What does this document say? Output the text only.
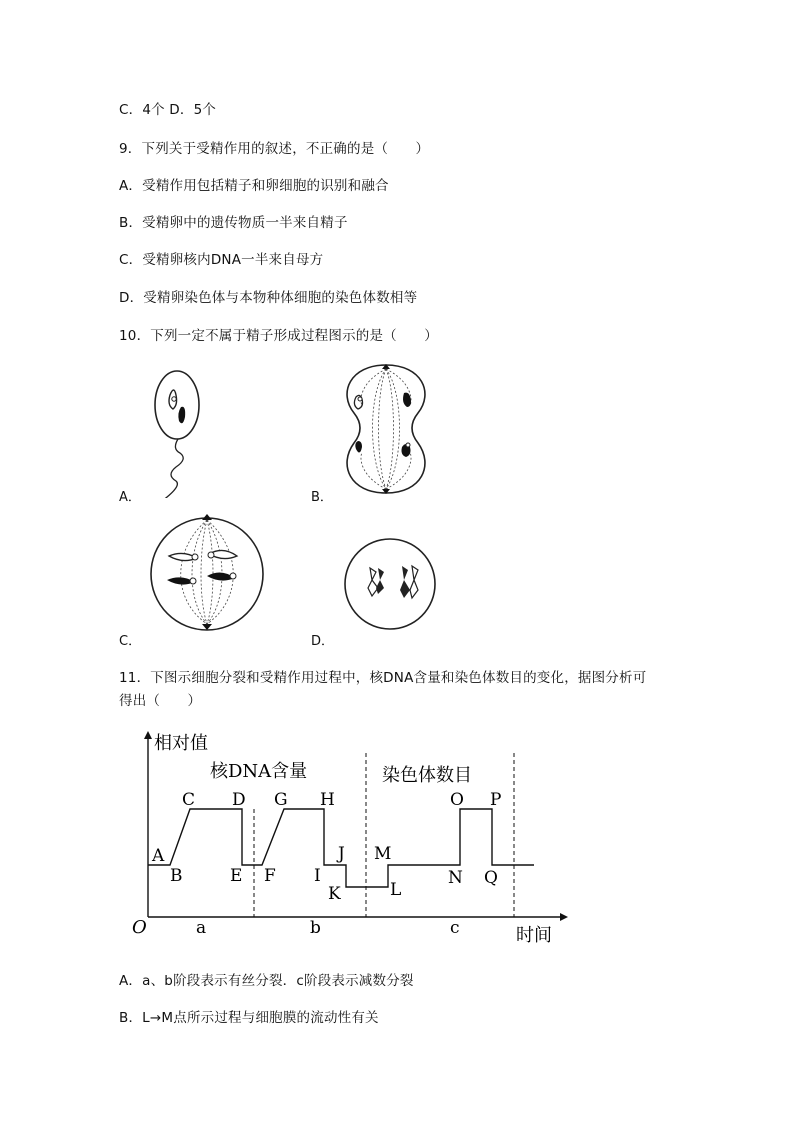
C．4个 D．5个
9．下列关于受精作用的叙述，不正确的是（　　）
A．受精作用包括精子和卵细胞的识别和融合
B．受精卵中的遗传物质一半来自精子
C．受精卵核内DNA一半来自母方
D．受精卵染色体与本物种体细胞的染色体数相等
10．下列一定不属于精子形成过程图示的是（　　）
A．	B．
C．	D．
11．下图示细胞分裂和受精作用过程中，核DNA含量和染色体数目的变化，据图分析可
得出（　　）
相对值
时间
O
核DNA含量	染色体数目
A
B
C D
E F
G H
I
J
K	L
M
N
O P
Q
a	b	c
A．a、b阶段表示有丝分裂．c阶段表示减数分裂
B．L→M点所示过程与细胞膜的流动性有关
